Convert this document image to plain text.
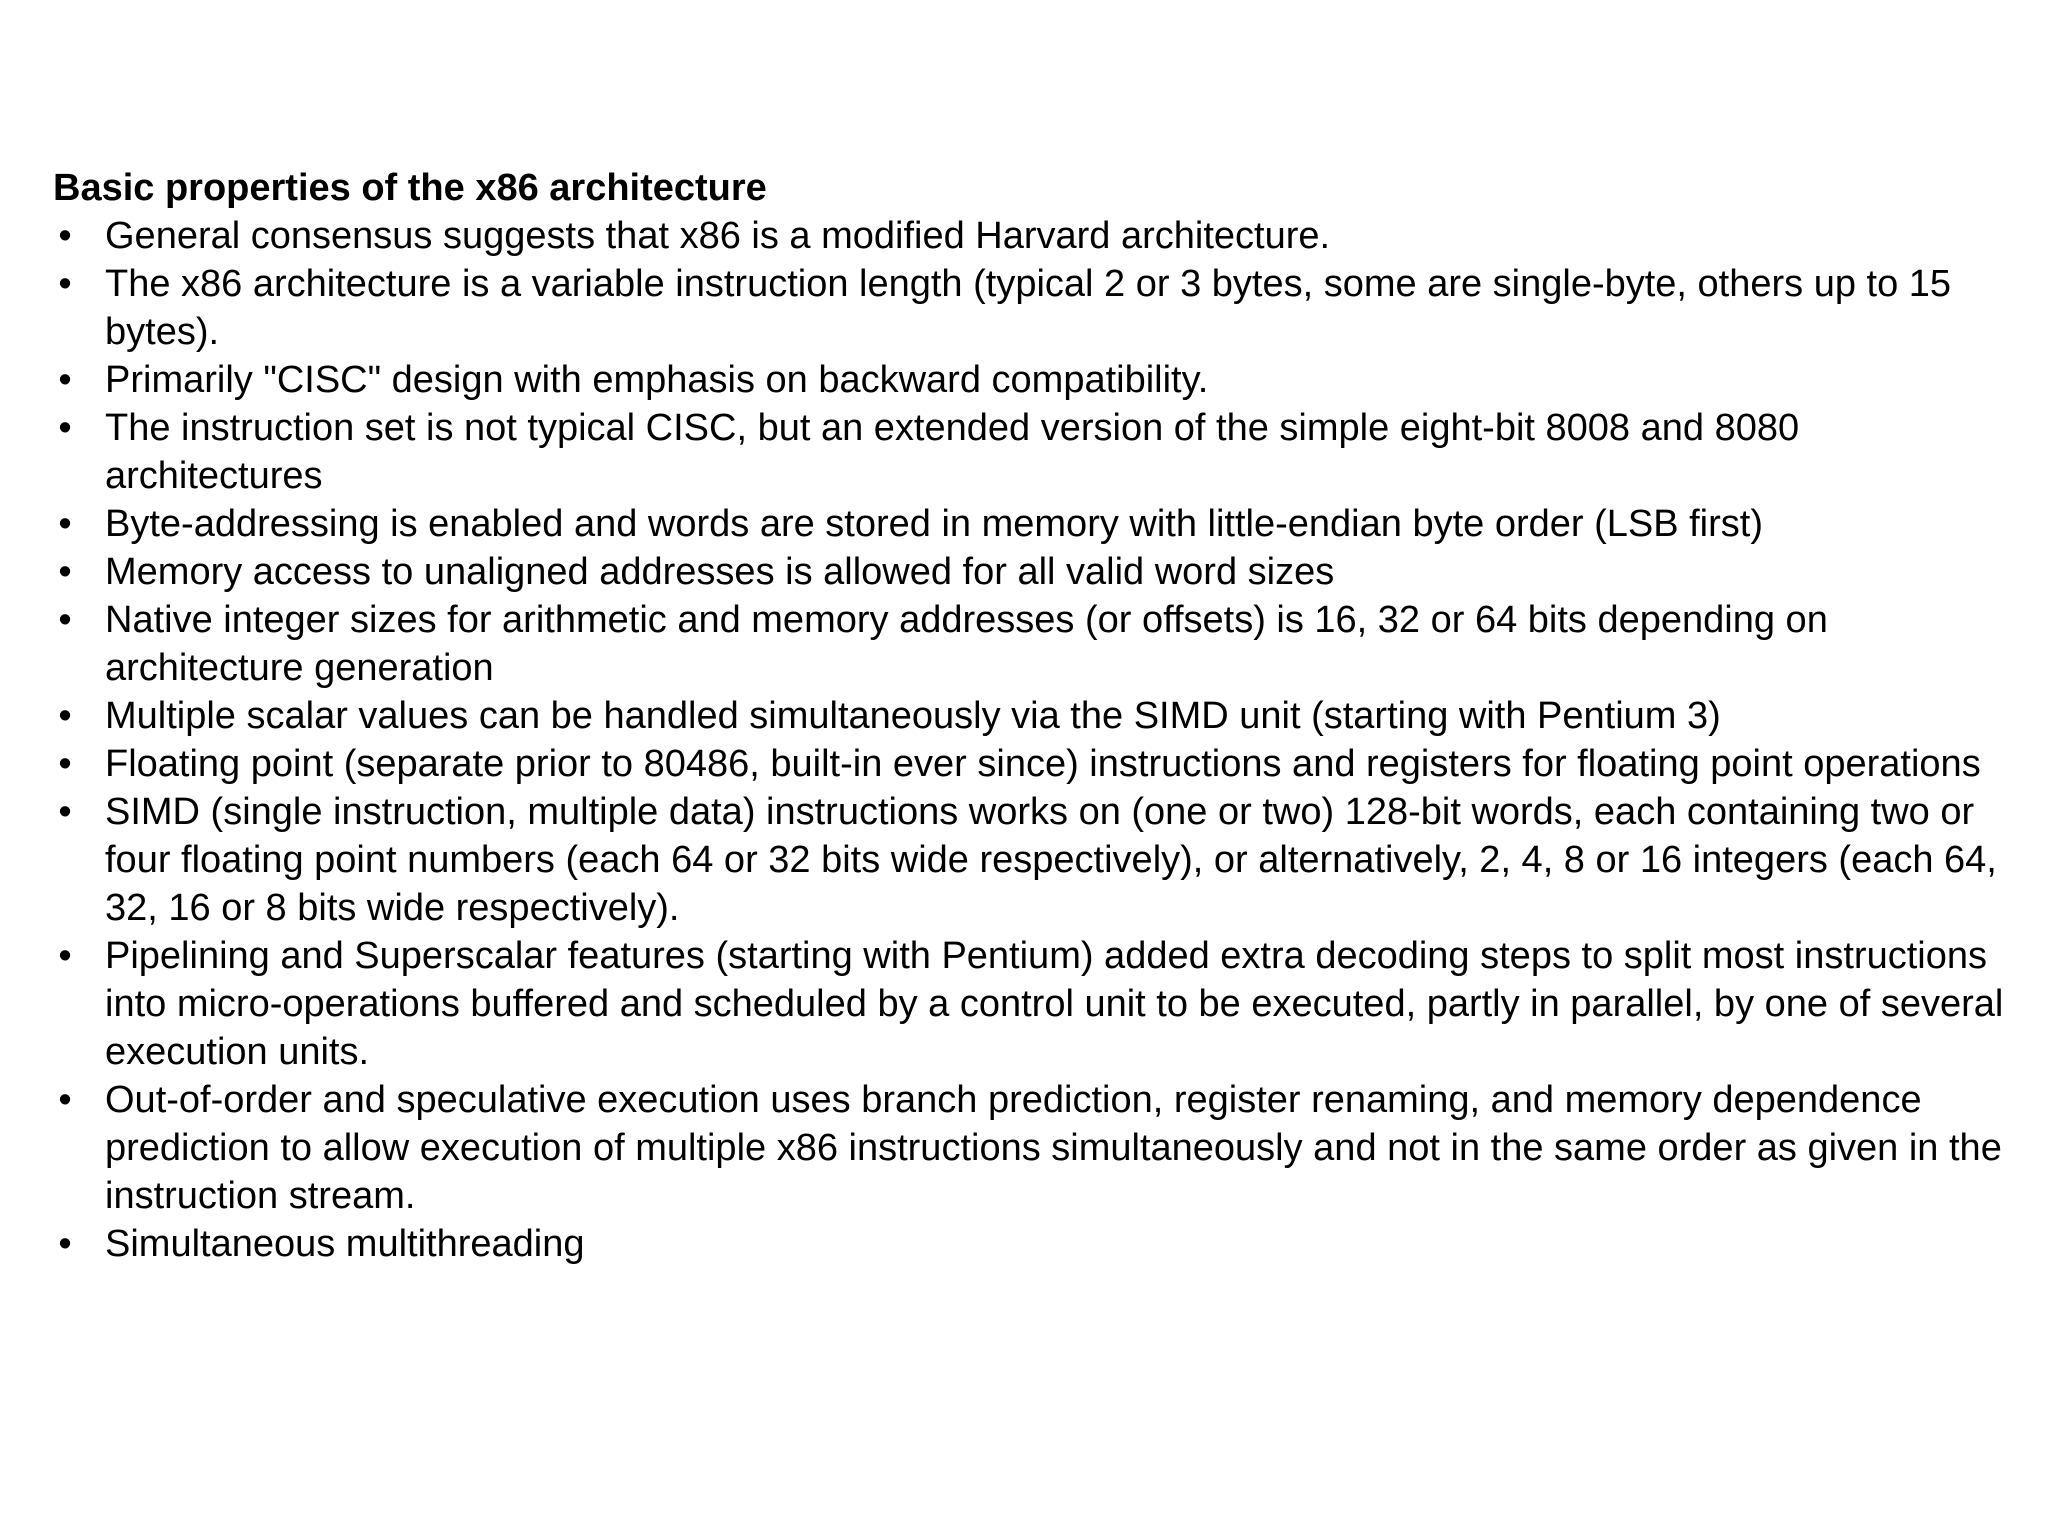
Basic properties of the x86 architecture
• General consensus suggests that x86 is a modified Harvard architecture.
• The x86 architecture is a variable instruction length (typical 2 or 3 bytes, some are single-byte, others up to 15 bytes).
• Primarily "CISC" design with emphasis on backward compatibility.
• The instruction set is not typical CISC, but an extended version of the simple eight-bit 8008 and 8080 architectures
• Byte-addressing is enabled and words are stored in memory with little-endian byte order (LSB first)
• Memory access to unaligned addresses is allowed for all valid word sizes
• Native integer sizes for arithmetic and memory addresses (or offsets) is 16, 32 or 64 bits depending on architecture generation
• Multiple scalar values can be handled simultaneously via the SIMD unit (starting with Pentium 3)
• Floating point (separate prior to 80486, built-in ever since) instructions and registers for floating point operations
• SIMD (single instruction, multiple data) instructions works on (one or two) 128-bit words, each containing two or four floating point numbers (each 64 or 32 bits wide respectively), or alternatively, 2, 4, 8 or 16 integers (each 64, 32, 16 or 8 bits wide respectively).
• Pipelining and Superscalar features (starting with Pentium) added extra decoding steps to split most instructions into micro-operations buffered and scheduled by a control unit to be executed, partly in parallel, by one of several execution units.
• Out-of-order and speculative execution uses branch prediction, register renaming, and memory dependence prediction to allow execution of multiple x86 instructions simultaneously and not in the same order as given in the instruction stream.
• Simultaneous multithreading
